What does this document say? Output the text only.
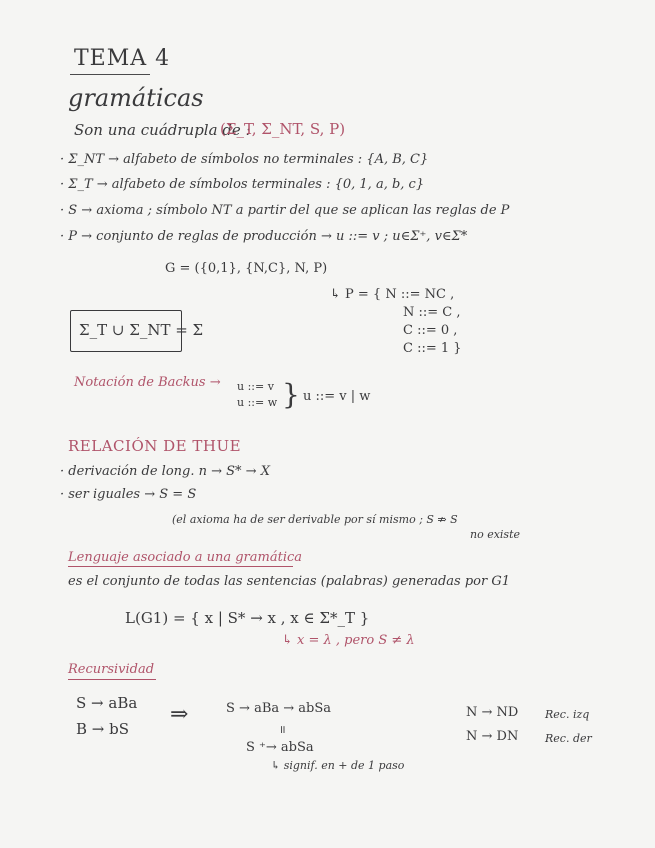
TEMA 4
gramáticas
Son una cuádrupla de :
(Σ_T, Σ_NT, S, P)
· Σ_NT → alfabeto de símbolos no terminales : {A, B, C}
· Σ_T → alfabeto de símbolos terminales : {0, 1, a, b, c}
· S → axioma ; símbolo NT a partir del que se aplican las reglas de P
· P → conjunto de reglas de producción → u ::= v ; u∈Σ⁺, v∈Σ*
G = ({0,1}, {N,C}, N, P)
↳ P = { N ::= NC ,
N ::= C ,
C ::= 0 ,
C ::= 1 }
Σ_T ∪ Σ_NT = Σ
Notación de Backus → u ::= v
u ::= w } u ::= v | w
RELACIÓN DE THUE
· derivación de long. n → S* → X
· ser iguales → S = S
(el axioma ha de ser derivable por sí mismo ; S ⇏ S
no existe
Lenguaje asociado a una gramática
es el conjunto de todas las sentencias (palabras) generadas por G1
L(G1) = { x | S* → x , x ∈ Σ*_T }
↳ x = λ , pero S ≠ λ
Recursividad
S → aBa
B → bS
⇒	S → aBa → abSa
॥
S ⁺→ abSa
↳ signif. en + de 1 paso
N → ND Rec. izq
N → DN Rec. der
